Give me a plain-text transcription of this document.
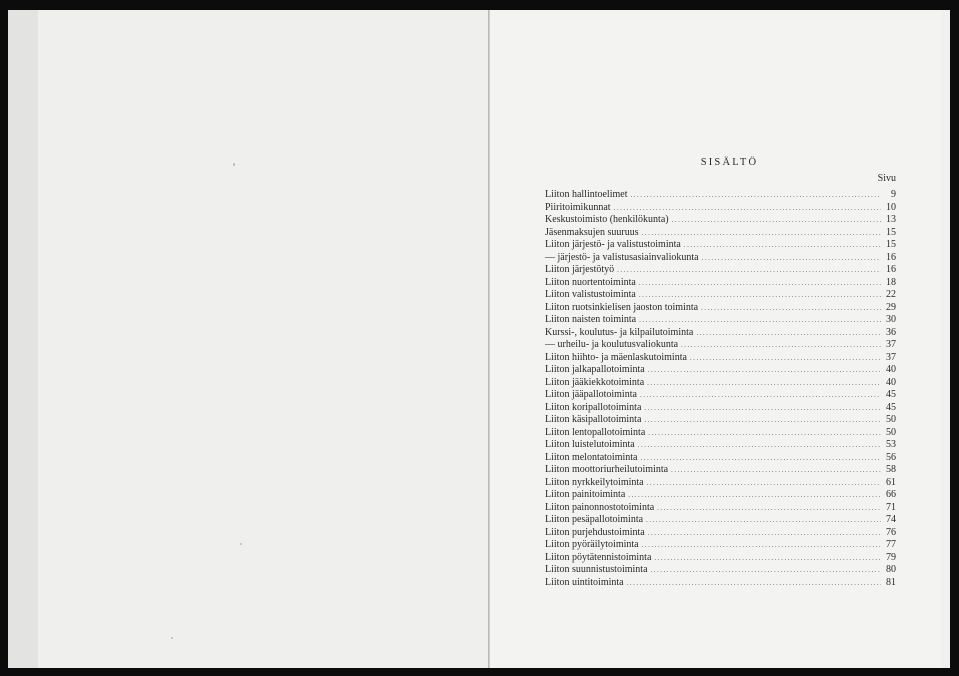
SISÄLTÖ
Sivu
Liiton hallintoelimet .....	9
Piiritoimikunnat .....	10
Keskustoimisto (henkilökunta) .....	13
Jäsenmaksujen suuruus .....	15
Liiton järjestö- ja valistustoiminta .....	15
— järjestö- ja valistusasiainvaliokunta .....	16
Liiton järjestötyö .....	16
Liiton nuortentoiminta .....	18
Liiton valistustoiminta .....	22
Liiton ruotsinkielisen jaoston toiminta .....	29
Liiton naisten toiminta .....	30
Kurssi-, koulutus- ja kilpailutoiminta .....	36
— urheilu- ja koulutusvaliokunta .....	37
Liiton hiihto- ja mäenlaskutoiminta .....	37
Liiton jalkapallotoiminta .....	40
Liiton jääkiekkotoiminta .....	40
Liiton jääpallotoiminta .....	45
Liiton koripallotoiminta .....	45
Liiton käsipallotoiminta .....	50
Liiton lentopallotoiminta .....	50
Liiton luistelutoiminta .....	53
Liiton melontatoiminta .....	56
Liiton moottoriurheilutoiminta .....	58
Liiton nyrkkeilytoiminta .....	61
Liiton painitoiminta .....	66
Liiton painonnostotoiminta .....	71
Liiton pesäpallotoiminta .....	74
Liiton purjehdustoiminta .....	76
Liiton pyöräilytoiminta .....	77
Liiton pöytätennistoiminta .....	79
Liiton suunnistustoiminta .....	80
Liiton uintitoiminta .....	81
